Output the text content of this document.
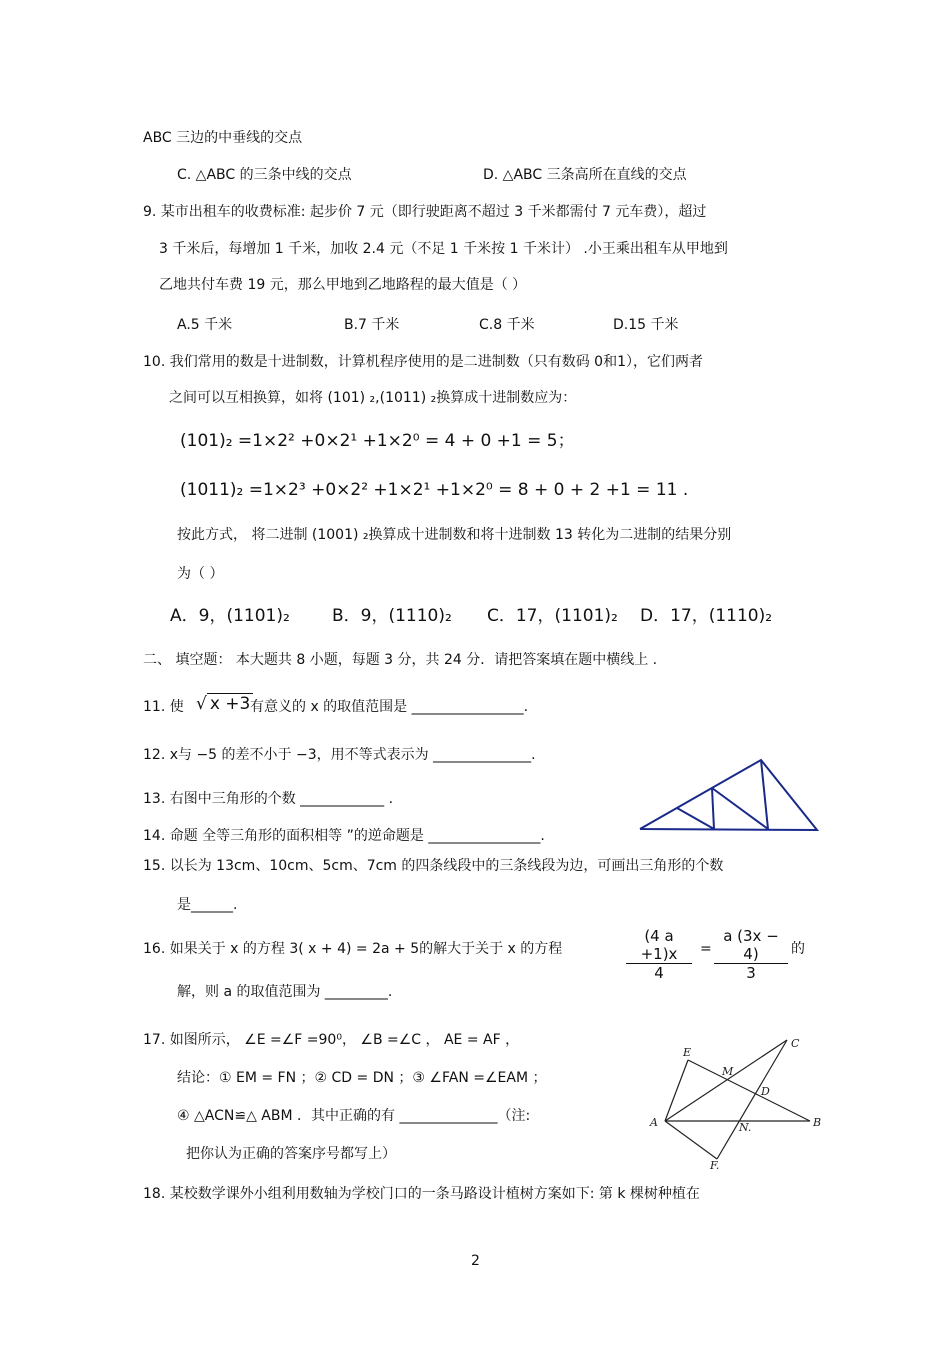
ABC 三边的中垂线的交点
C. △ABC 的三条中线的交点	D. △ABC 三条高所在直线的交点
9. 某市出租车的收费标准: 起步价 7 元（即行驶距离不超过 3 千米都需付 7 元车费），超过
3 千米后，每增加 1 千米，加收 2.4 元（不足 1 千米按 1 千米计） .小王乘出租车从甲地到
乙地共付车费 19 元，那么甲地到乙地路程的最大值是（ ）
A.5 千米	B.7 千米	C.8 千米	D.15 千米
10. 我们常用的数是十进制数，计算机程序使用的是二进制数（只有数码 0和1），它们两者
之间可以互相换算，如将 (101) ₂,(1011) ₂换算成十进制数应为：
(101)₂ =1×2² +0×2¹ +1×2⁰ = 4 + 0 +1 = 5；
(1011)₂ =1×2³ +0×2² +1×2¹ +1×2⁰ = 8 + 0 + 2 +1 = 11 .
按此方式， 将二进制 (1001) ₂换算成十进制数和将十进制数 13 转化为二进制的结果分别
为（ ）
A．9，(1101)₂ B．9，(1110)₂ C．17，(1101)₂ D．17，(1110)₂
二、 填空题： 本大题共 8 小题，每题 3 分，共 24 分．请把答案填在题中横线上 .
11. 使 √ x +3 有意义的 x 的取值范围是 ________________.
12. x与 −5 的差不小于 −3，用不等式表示为 ______________.
13. 右图中三角形的个数 ____________ .
14. 命题 全等三角形的面积相等 ”的逆命题是 ________________.
15. 以长为 13cm、10cm、5cm、7cm 的四条线段中的三条线段为边，可画出三角形的个数
是______.
16. 如果关于 x 的方程 3( x + 4) = 2a + 5的解大于关于 x 的方程	$\frac{(4 a +1)x}{4} = \frac{a (3x - 4)}{3}$ 的
解，则 a 的取值范围为 _________.
17. 如图所示， ∠E =∠F =90⁰， ∠B =∠C ， AE = AF ，
结论：① EM = FN ；② CD = DN ；③ ∠FAN =∠EAM ；
④ △ACN≌△ ABM ．其中正确的有 ______________（注:
把你认为正确的答案序号都写上）
18. 某校数学课外小组利用数轴为学校门口的一条马路设计植树方案如下: 第 k 棵树种植在
2
E
M
C
D
A	B
N.
F.
